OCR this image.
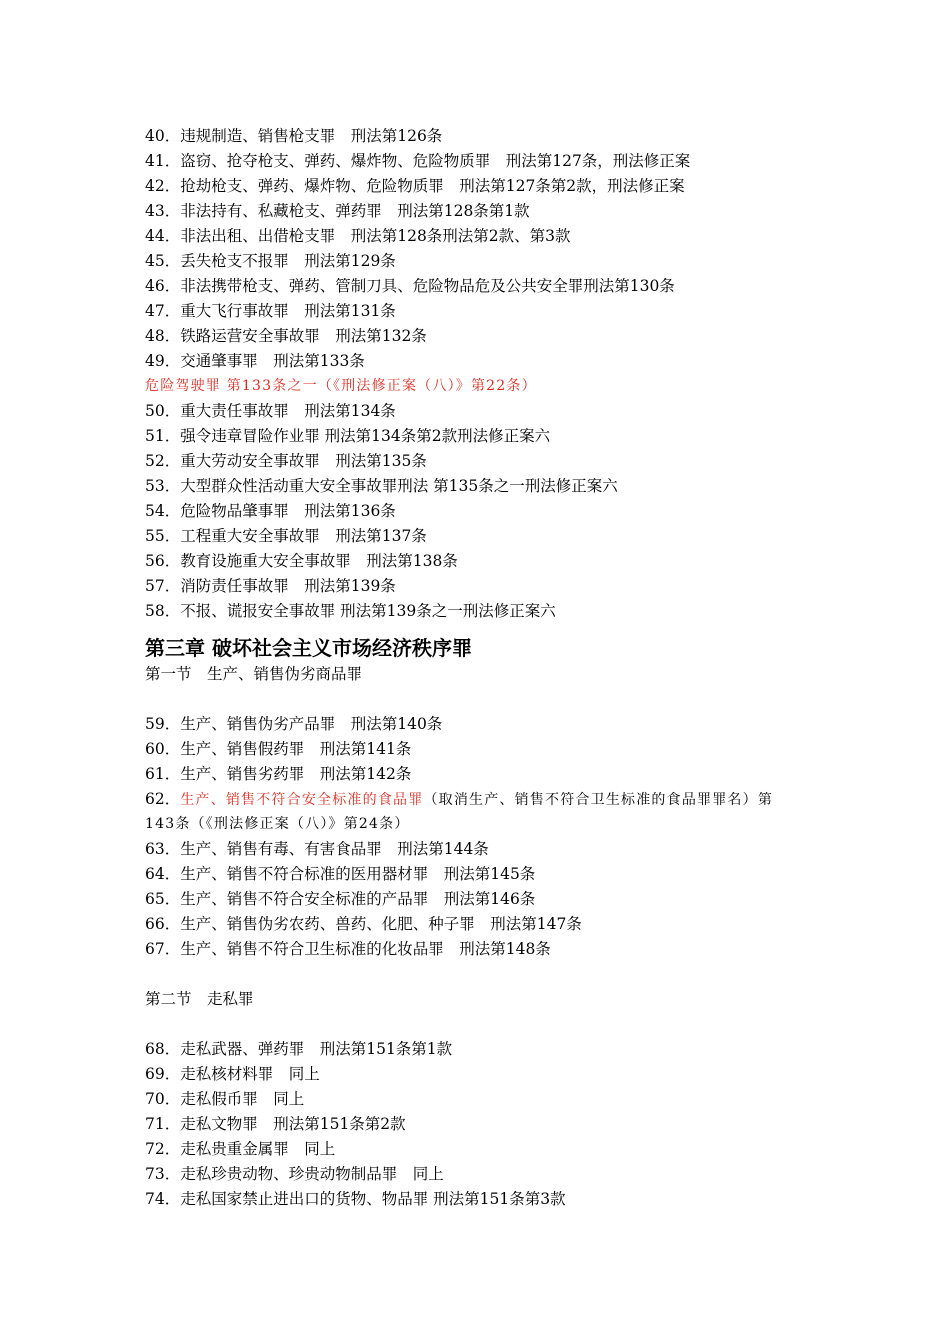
40．违规制造、销售枪支罪　刑法第126条
41．盗窃、抢夺枪支、弹药、爆炸物、危险物质罪　刑法第127条，刑法修正案
42．抢劫枪支、弹药、爆炸物、危险物质罪　刑法第127条第2款，刑法修正案
43．非法持有、私藏枪支、弹药罪　刑法第128条第1款
44．非法出租、出借枪支罪　刑法第128条刑法第2款、第3款
45．丢失枪支不报罪　刑法第129条
46．非法携带枪支、弹药、管制刀具、危险物品危及公共安全罪刑法第130条
47．重大飞行事故罪　刑法第131条
48．铁路运营安全事故罪　刑法第132条
49．交通肇事罪　刑法第133条
危险驾驶罪 第133条之一（《刑法修正案（八）》第22条）
50．重大责任事故罪　刑法第134条
51．强令违章冒险作业罪 刑法第134条第2款刑法修正案六
52．重大劳动安全事故罪　刑法第135条
53．大型群众性活动重大安全事故罪刑法 第135条之一刑法修正案六
54．危险物品肇事罪　刑法第136条
55．工程重大安全事故罪　刑法第137条
56．教育设施重大安全事故罪　刑法第138条
57．消防责任事故罪　刑法第139条
58．不报、谎报安全事故罪 刑法第139条之一刑法修正案六
第三章 破坏社会主义市场经济秩序罪
第一节　生产、销售伪劣商品罪
59．生产、销售伪劣产品罪　刑法第140条
60．生产、销售假药罪　刑法第141条
61．生产、销售劣药罪　刑法第142条
62．生产、销售不符合安全标准的食品罪（取消生产、销售不符合卫生标准的食品罪罪名）第
143条（《刑法修正案（八）》第24条）
63．生产、销售有毒、有害食品罪　刑法第144条
64．生产、销售不符合标准的医用器材罪　刑法第145条
65．生产、销售不符合安全标准的产品罪　刑法第146条
66．生产、销售伪劣农药、兽药、化肥、种子罪　刑法第147条
67．生产、销售不符合卫生标准的化妆品罪　刑法第148条
第二节　走私罪
68．走私武器、弹药罪　刑法第151条第1款
69．走私核材料罪　同上
70．走私假币罪　同上
71．走私文物罪　刑法第151条第2款
72．走私贵重金属罪　同上
73．走私珍贵动物、珍贵动物制品罪　同上
74．走私国家禁止进出口的货物、物品罪 刑法第151条第3款
